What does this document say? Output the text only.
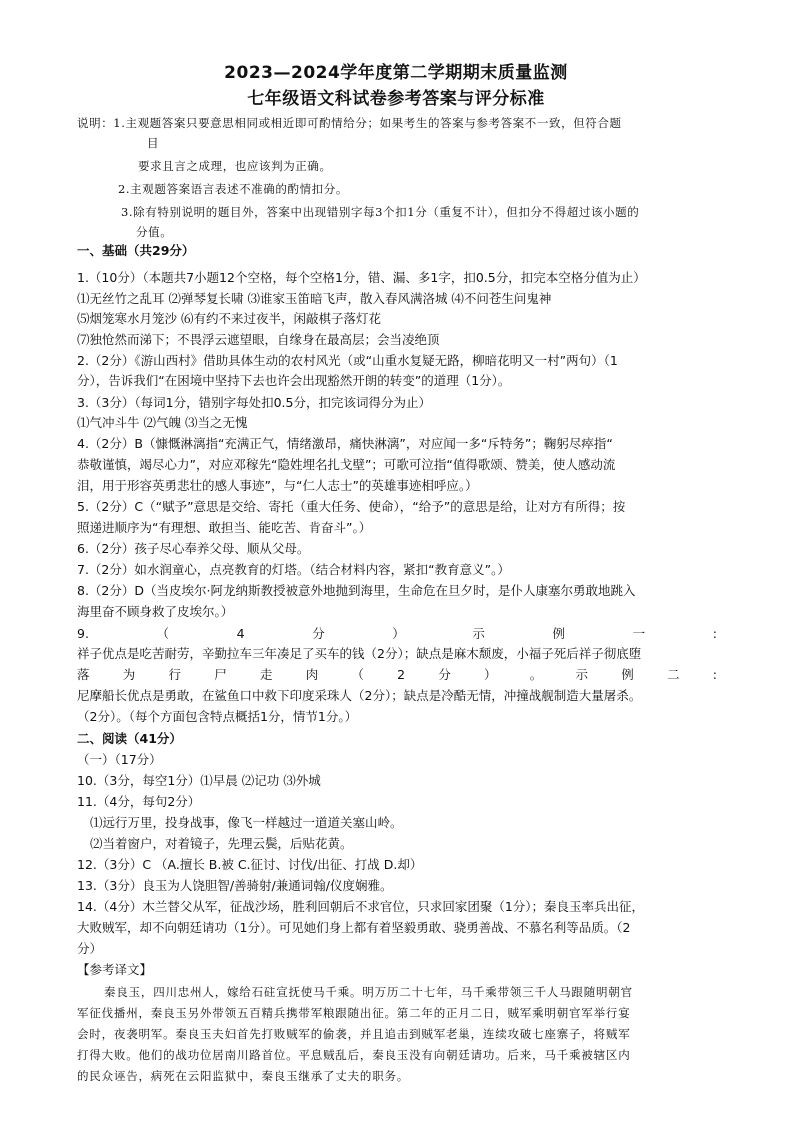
2023—2024学年度第二学期期末质量监测
七年级语文科试卷参考答案与评分标准
说明：1.主观题答案只要意思相同或相近即可酌情给分；如果考生的答案与参考答案不一致，但符合题
目
要求且言之成理，也应该判为正确。
2.主观题答案语言表述不准确的酌情扣分。
3.除有特别说明的题目外，答案中出现错别字每3个扣1分（重复不计），但扣分不得超过该小题的
分值。
一、基础（共29分）
1.（10分）（本题共7小题12个空格，每个空格1分，错、漏、多1字，扣0.5分，扣完本空格分值为止）
⑴无丝竹之乱耳 ⑵弹琴复长啸 ⑶谁家玉笛暗飞声，散入春风满洛城 ⑷不问苍生问鬼神
⑸烟笼寒水月笼沙 ⑹有约不来过夜半，闲敲棋子落灯花
⑺独怆然而涕下；不畏浮云遮望眼，自缘身在最高层；会当凌绝顶
2.（2分）《游山西村》借助具体生动的农村风光（或“山重水复疑无路，柳暗花明又一村”两句）（1
分），告诉我们“在困境中坚持下去也许会出现豁然开朗的转变”的道理（1分）。
3.（3分）（每词1分，错别字每处扣0.5分，扣完该词得分为止）
⑴气冲斗牛 ⑵气魄 ⑶当之无愧
4.（2分）B（慷慨淋漓指“充满正气，情绪激昂，痛快淋漓”，对应闻一多“斥特务”；鞠躬尽瘁指“
恭敬谨慎，竭尽心力”，对应邓稼先“隐姓埋名扎戈壁”；可歌可泣指“值得歌颂、赞美，使人感动流
泪，用于形容英勇悲壮的感人事迹”，与“仁人志士”的英雄事迹相呼应。）
5.（2分）C（“赋予”意思是交给、寄托（重大任务、使命），“给予”的意思是给，让对方有所得；按
照递进顺序为“有理想、敢担当、能吃苦、肯奋斗”。）
6.（2分）孩子尽心奉养父母、顺从父母。
7.（2分）如水润童心，点亮教育的灯塔。（结合材料内容，紧扣“教育意义”。）
8.（2分）D（当皮埃尔·阿龙纳斯教授被意外地抛到海里，生命危在旦夕时，是仆人康塞尔勇敢地跳入
海里奋不顾身救了皮埃尔。）
9.	（	4	分	）	示	例	一	:
祥子优点是吃苦耐劳，辛勤拉车三年凑足了买车的钱（2分）；缺点是麻木颓废，小福子死后祥子彻底堕
落	为	行	尸	走	肉	（	2	分	）	。	示	例	二	:
尼摩船长优点是勇敢，在鲨鱼口中救下印度采珠人（2分）；缺点是冷酷无情，冲撞战舰制造大量屠杀。
（2分）。（每个方面包含特点概括1分，情节1分。）
二、阅读（41分）
（一）（17分）
10.（3分，每空1分）⑴早晨 ⑵记功 ⑶外城
11.（4分，每句2分）
⑴远行万里，投身战事，像飞一样越过一道道关塞山岭。
⑵当着窗户，对着镜子，先理云鬓，后贴花黄。
12.（3分）C （A.擅长 B.被 C.征讨、讨伐/出征、打战 D.却）
13.（3分）良玉为人饶胆智/善骑射/兼通词翰/仪度娴雅。
14.（4分）木兰替父从军，征战沙场，胜利回朝后不求官位，只求回家团聚（1分）；秦良玉率兵出征，
大败贼军，却不向朝廷请功（1分）。可见她们身上都有着坚毅勇敢、骁勇善战、不慕名利等品质。（2
分）
【参考译文】
秦良玉，四川忠州人，嫁给石砫宣抚使马千乘。明万历二十七年，马千乘带领三千人马跟随明朝官
军征伐播州，秦良玉另外带领五百精兵携带军粮跟随出征。第二年的正月二日，贼军乘明朝官军举行宴
会时，夜袭明军。秦良玉夫妇首先打败贼军的偷袭，并且追击到贼军老巢，连续攻破七座寨子，将贼军
打得大败。他们的战功位居南川路首位。平息贼乱后，秦良玉没有向朝廷请功。后来，马千乘被辖区内
的民众诬告，病死在云阳监狱中，秦良玉继承了丈夫的职务。
